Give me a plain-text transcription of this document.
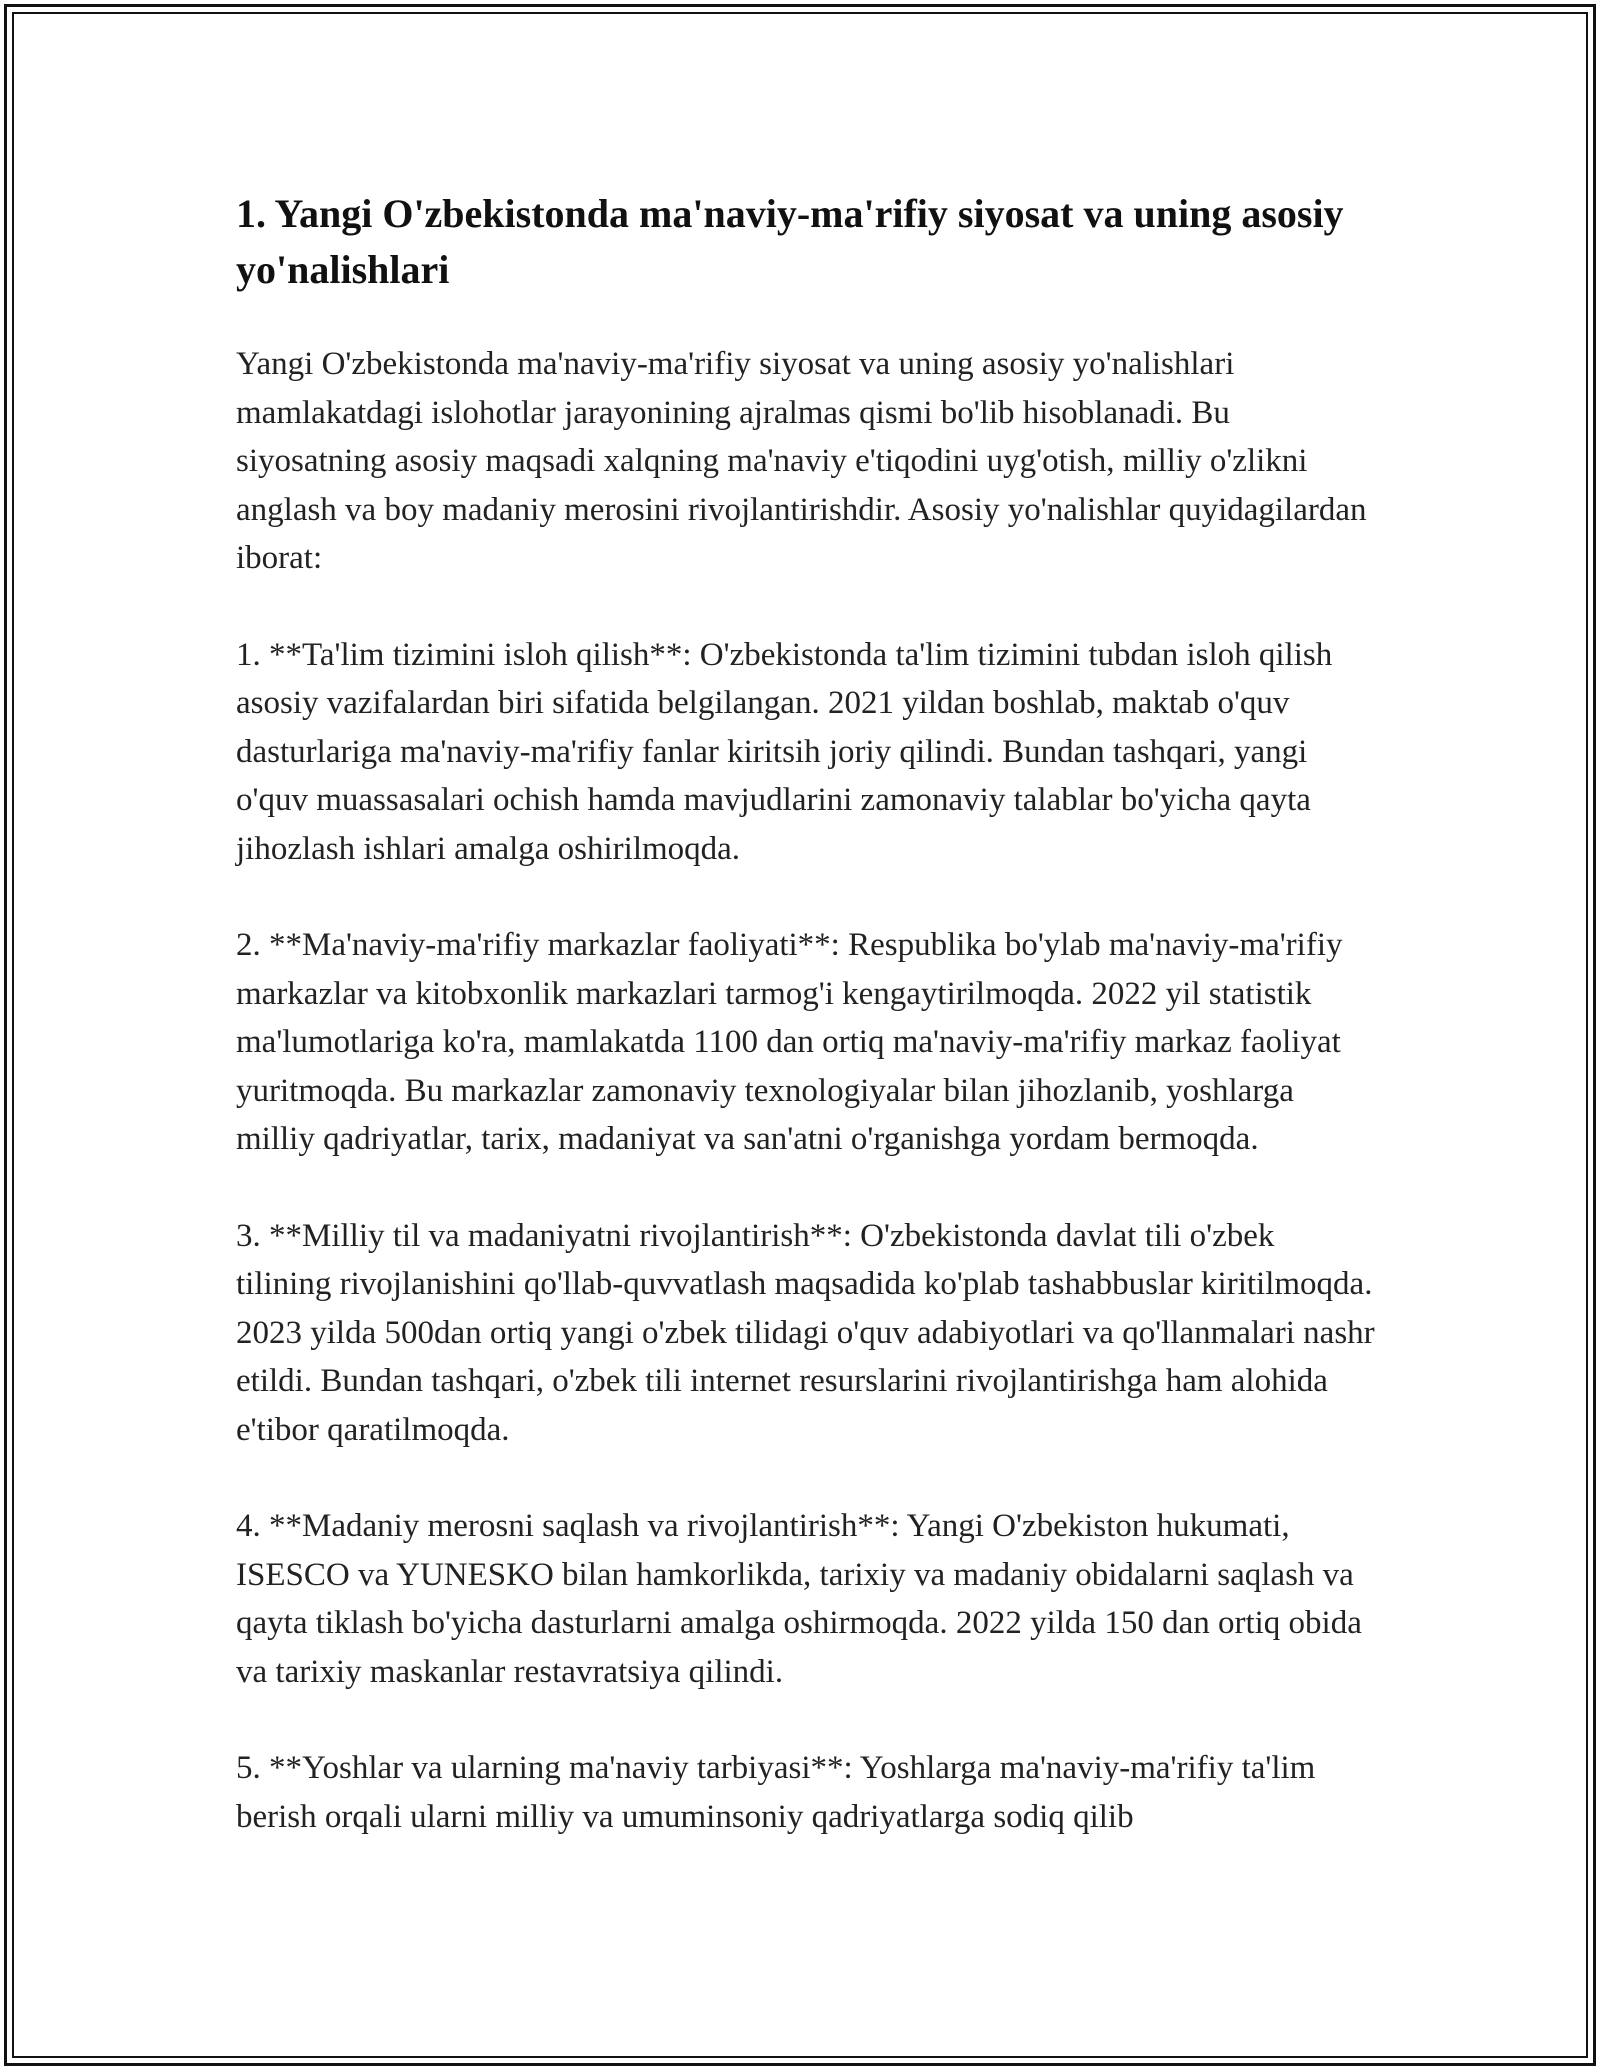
1. Yangi O'zbekistonda ma'naviy-ma'rifiy siyosat va uning asosiy yo'nalishlari

Yangi O'zbekistonda ma'naviy-ma'rifiy siyosat va uning asosiy yo'nalishlari mamlakatdagi islohotlar jarayonining ajralmas qismi bo'lib hisoblanadi. Bu siyosatning asosiy maqsadi xalqning ma'naviy e'tiqodini uyg'otish, milliy o'zlikni anglash va boy madaniy merosini rivojlantirishdir. Asosiy yo'nalishlar quyidagilardan iborat:

1. **Ta'lim tizimini isloh qilish**: O'zbekistonda ta'lim tizimini tubdan isloh qilish asosiy vazifalardan biri sifatida belgilangan. 2021 yildan boshlab, maktab o'quv dasturlariga ma'naviy-ma'rifiy fanlar kiritsih joriy qilindi. Bundan tashqari, yangi o'quv muassasalari ochish hamda mavjudlarini zamonaviy talablar bo'yicha qayta jihozlash ishlari amalga oshirilmoqda.

2. **Ma'naviy-ma'rifiy markazlar faoliyati**: Respublika bo'ylab ma'naviy-ma'rifiy markazlar va kitobxonlik markazlari tarmog'i kengaytirilmoqda. 2022 yil statistik ma'lumotlariga ko'ra, mamlakatda 1100 dan ortiq ma'naviy-ma'rifiy markaz faoliyat yuritmoqda. Bu markazlar zamonaviy texnologiyalar bilan jihozlanib, yoshlarga milliy qadriyatlar, tarix, madaniyat va san'atni o'rganishga yordam bermoqda.

3. **Milliy til va madaniyatni rivojlantirish**: O'zbekistonda davlat tili o'zbek tilining rivojlanishini qo'llab-quvvatlash maqsadida ko'plab tashabbuslar kiritilmoqda. 2023 yilda 500dan ortiq yangi o'zbek tilidagi o'quv adabiyotlari va qo'llanmalari nashr etildi. Bundan tashqari, o'zbek tili internet resurslarini rivojlantirishga ham alohida e'tibor qaratilmoqda.

4. **Madaniy merosni saqlash va rivojlantirish**: Yangi O'zbekiston hukumati, ISESCO va YUNESKO bilan hamkorlikda, tarixiy va madaniy obidalarni saqlash va qayta tiklash bo'yicha dasturlarni amalga oshirmoqda. 2022 yilda 150 dan ortiq obida va tarixiy maskanlar restavratsiya qilindi.

5. **Yoshlar va ularning ma'naviy tarbiyasi**: Yoshlarga ma'naviy-ma'rifiy ta'lim berish orqali ularni milliy va umuminsoniy qadriyatlarga sodiq qilib
